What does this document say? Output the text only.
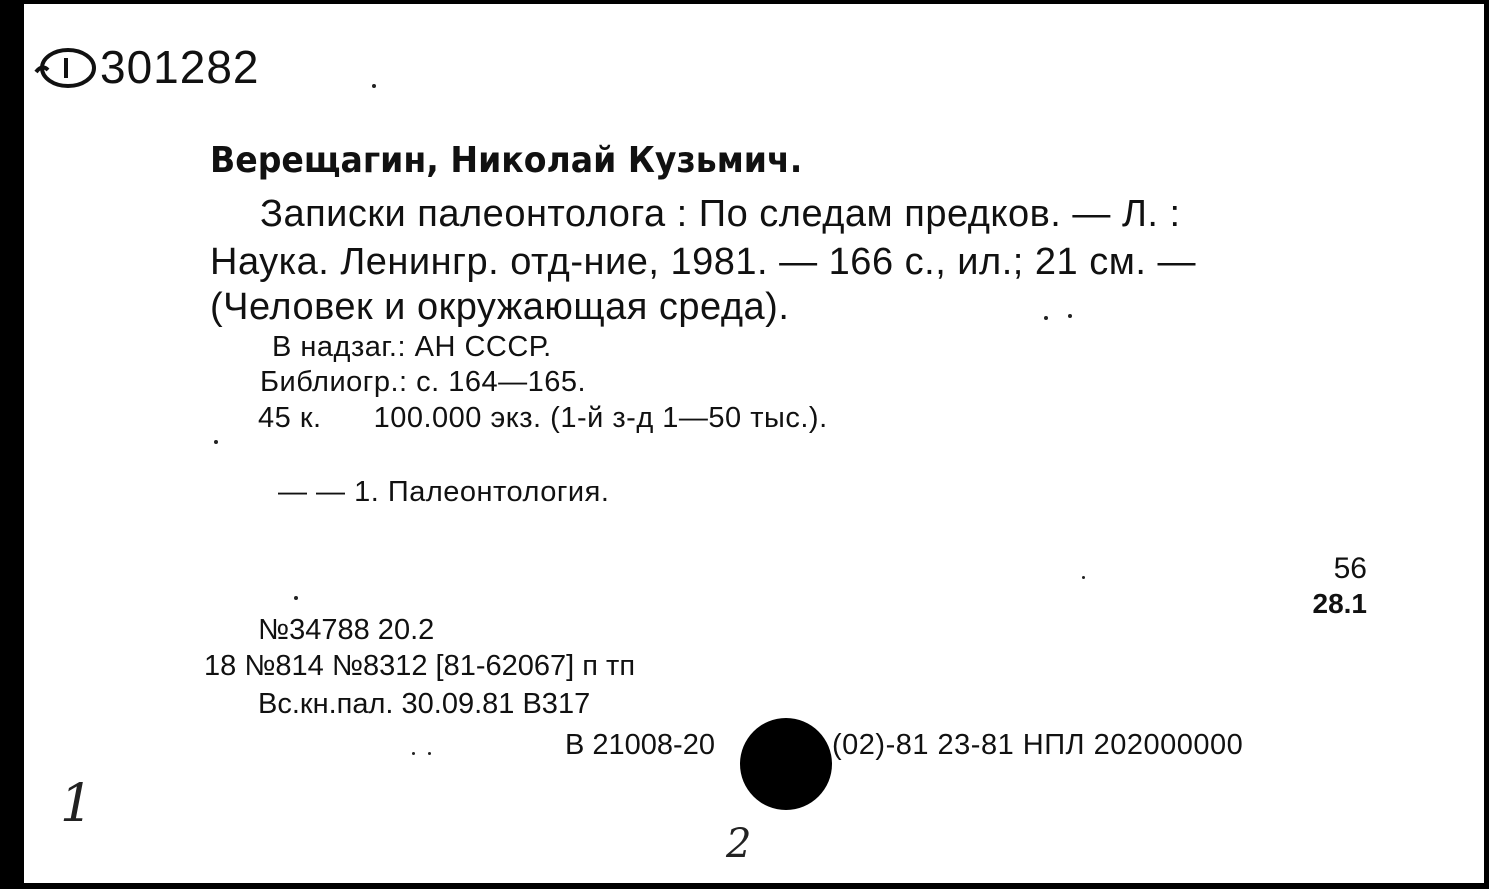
301282
Верещагин, Николай Кузьмич.
Записки палеонтолога : По следам предков. — Л. :
Наука. Ленингр. отд-ние, 1981. — 166 с., ил.; 21 см. —
(Человек и окружающая среда).
В надзаг.: АН СССР.
Библиогр.: с. 164—165.
45 к. 100.000 экз. (1-й з-д 1—50 тыс.).
— — 1. Палеонтология.
56
28.1
№34788 20.2
18 №814 №8312 [81-62067] п тп
Вс.кн.пал. 30.09.81 В317
В 21008-20	(02)-81 23-81 НПЛ 202000000
1
2
